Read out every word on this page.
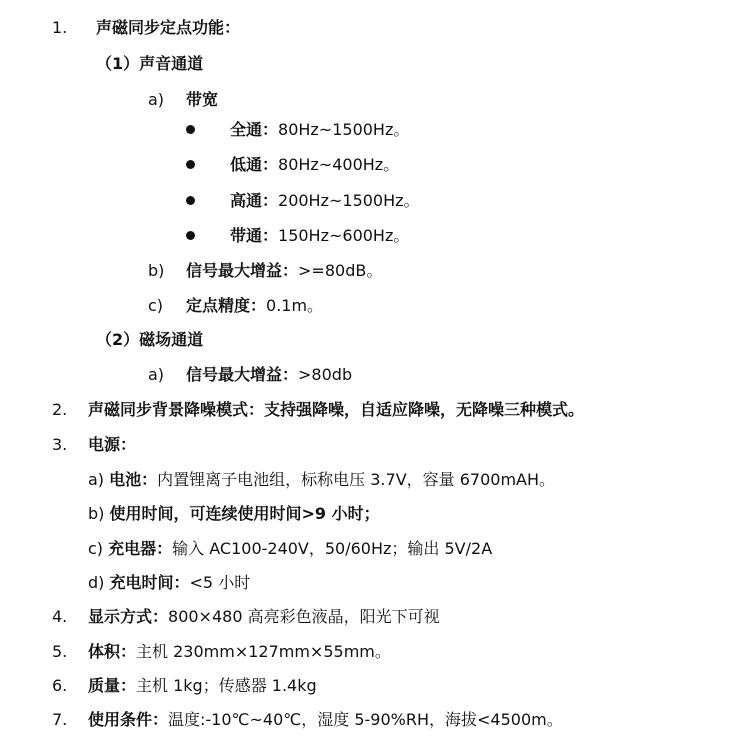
1. 声磁同步定点功能：
（1）声音通道
a) 带宽
全通：80Hz~1500Hz。
低通：80Hz~400Hz。
高通：200Hz~1500Hz。
带通：150Hz~600Hz。
b) 信号最大增益：>=80dB。
c) 定点精度：0.1m。
（2）磁场通道
a) 信号最大增益：>80db
2. 声磁同步背景降噪模式：支持强降噪，自适应降噪，无降噪三种模式。
3. 电源：
a) 电池：内置锂离子电池组，标称电压 3.7V，容量 6700mAH。
b) 使用时间，可连续使用时间>9 小时；
c) 充电器：输入 AC100-240V，50/60Hz；输出 5V/2A
d) 充电时间：<5 小时
4. 显示方式：800×480 高亮彩色液晶，阳光下可视
5. 体积：主机 230mm×127mm×55mm。
6. 质量：主机 1kg；传感器 1.4kg
7. 使用条件：温度:-10℃~40℃，湿度 5-90%RH，海拔<4500m。
